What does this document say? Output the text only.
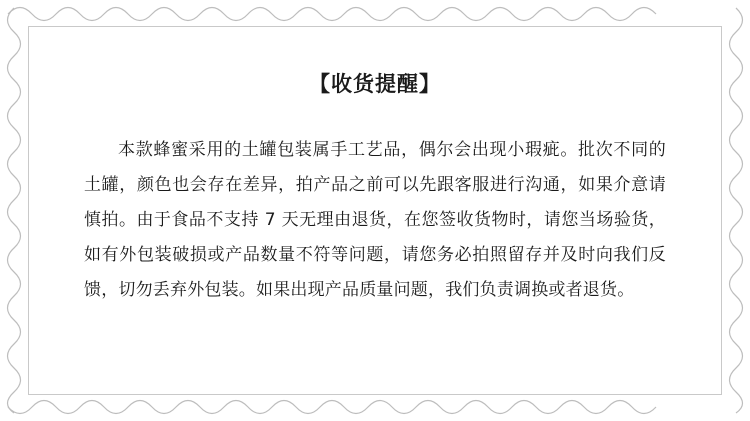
【收货提醒】

本款蜂蜜采用的土罐包装属手工艺品，偶尔会出现小瑕疵。批次不同的土罐，颜色也会存在差异，拍产品之前可以先跟客服进行沟通，如果介意请慎拍。由于食品不支持 7 天无理由退货，在您签收货物时，请您当场验货，如有外包装破损或产品数量不符等问题，请您务必拍照留存并及时向我们反馈，切勿丢弃外包装。如果出现产品质量问题，我们负责调换或者退货。
